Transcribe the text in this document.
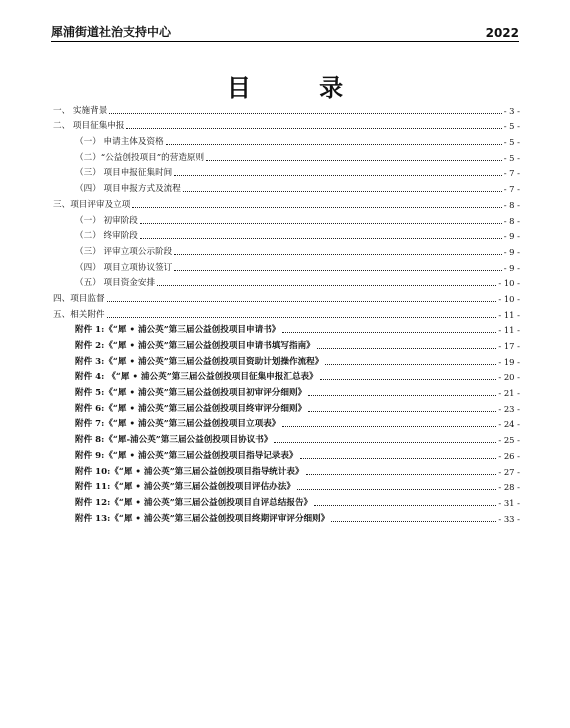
犀浦街道社治支持中心	2022
目 录
一、 实施背景	- 3 -
二、 项目征集申报	- 5 -
（一） 申请主体及资格	- 5 -
（二）“公益创投项目”的营造原则	- 5 -
（三） 项目申报征集时间	- 7 -
（四） 项目申报方式及流程	- 7 -
三、项目评审及立项	- 8 -
（一） 初审阶段	- 8 -
（二） 终审阶段	- 9 -
（三） 评审立项公示阶段	- 9 -
（四） 项目立项协议签订	- 9 -
（五） 项目资金安排	- 10 -
四、项目监督	- 10 -
五、相关附件	- 11 -
附件 1:《“犀 • 浦公英”第三届公益创投项目申请书》	- 11 -
附件 2:《“犀 • 浦公英”第三届公益创投项目申请书填写指南》	- 17 -
附件 3:《“犀 • 浦公英”第三届公益创投项目资助计划操作流程》	- 19 -
附件 4: 《“犀 • 浦公英”第三届公益创投项目征集申报汇总表》	- 20 -
附件 5:《“犀 • 浦公英”第三届公益创投项目初审评分细则》	- 21 -
附件 6:《“犀 • 浦公英”第三届公益创投项目终审评分细则》	- 23 -
附件 7:《“犀 • 浦公英”第三届公益创投项目立项表》	- 24 -
附件 8:《“犀-浦公英”第三届公益创投项目协议书》	- 25 -
附件 9:《“犀 • 浦公英”第三届公益创投项目指导记录表》	- 26 -
附件 10:《“犀 • 浦公英”第三届公益创投项目指导统计表》	- 27 -
附件 11:《“犀 • 浦公英”第三届公益创投项目评估办法》	- 28 -
附件 12:《“犀 • 浦公英”第三届公益创投项目自评总结报告》	- 31 -
附件 13:《“犀 • 浦公英”第三届公益创投项目终期评审评分细则》	- 33 -
